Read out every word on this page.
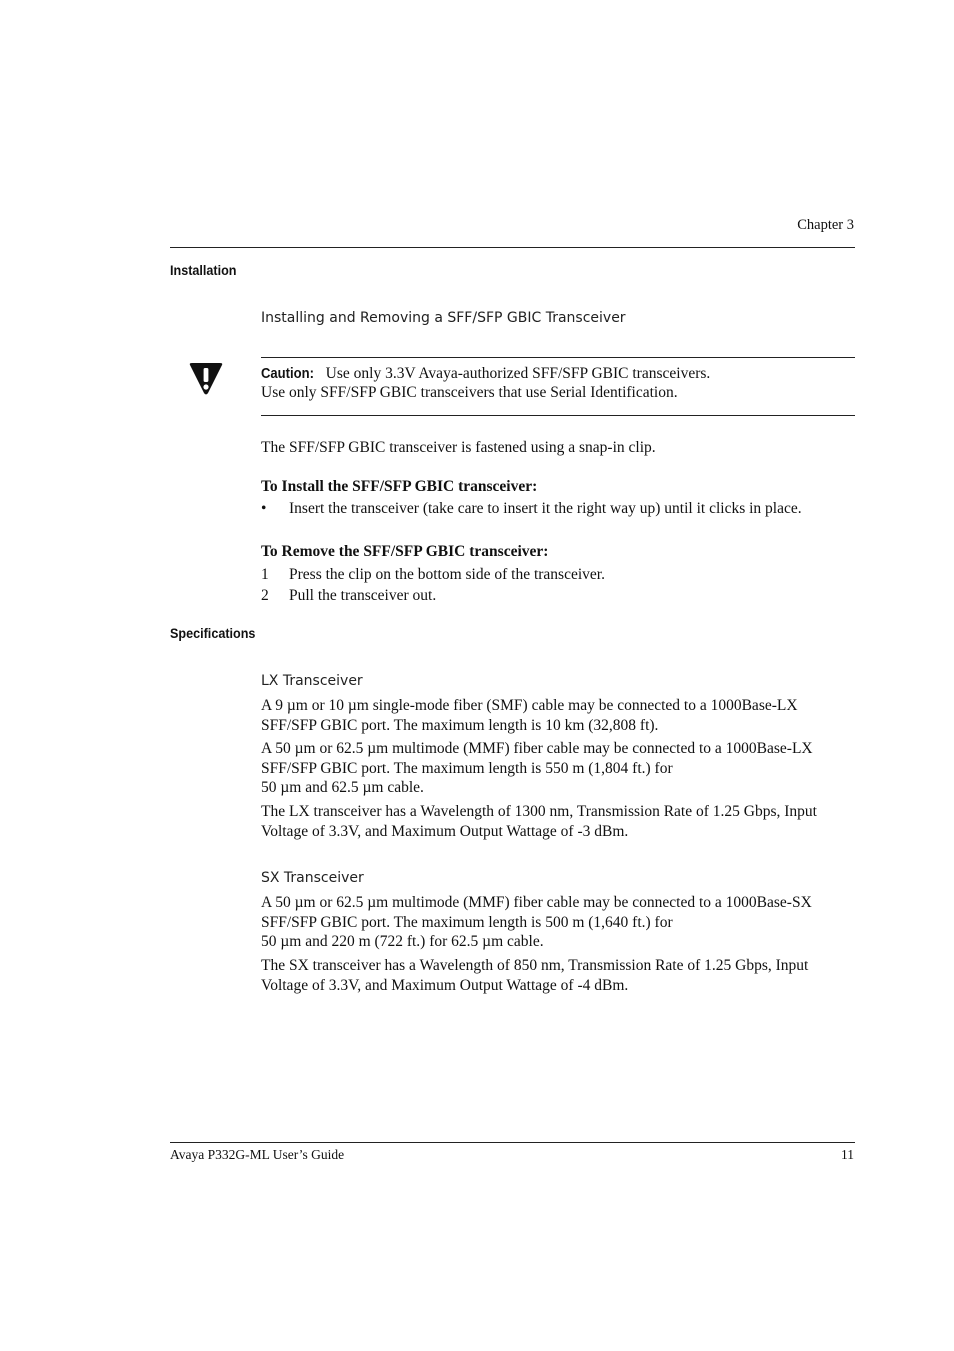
Chapter 3
Installation
Installing and Removing a SFF/SFP GBIC Transceiver
Caution: Use only 3.3V Avaya-authorized SFF/SFP GBIC transceivers.
Use only SFF/SFP GBIC transceivers that use Serial Identification.
The SFF/SFP GBIC transceiver is fastened using a snap-in clip.
To Install the SFF/SFP GBIC transceiver:
• Insert the transceiver (take care to insert it the right way up) until it clicks in place.
To Remove the SFF/SFP GBIC transceiver:
1 Press the clip on the bottom side of the transceiver.
2 Pull the transceiver out.
Specifications
LX Transceiver
A 9 µm or 10 µm single-mode fiber (SMF) cable may be connected to a 1000Base-LX SFF/SFP GBIC port. The maximum length is 10 km (32,808 ft).
A 50 µm or 62.5 µm multimode (MMF) fiber cable may be connected to a 1000Base-LX SFF/SFP GBIC port. The maximum length is 550 m (1,804 ft.) for
50 µm and 62.5 µm cable.
The LX transceiver has a Wavelength of 1300 nm, Transmission Rate of 1.25 Gbps, Input Voltage of 3.3V, and Maximum Output Wattage of -3 dBm.
SX Transceiver
A 50 µm or 62.5 µm multimode (MMF) fiber cable may be connected to a 1000Base-SX SFF/SFP GBIC port. The maximum length is 500 m (1,640 ft.) for
50 µm and 220 m (722 ft.) for 62.5 µm cable.
The SX transceiver has a Wavelength of 850 nm, Transmission Rate of 1.25 Gbps, Input Voltage of 3.3V, and Maximum Output Wattage of -4 dBm.
Avaya P332G-ML User’s Guide	11
